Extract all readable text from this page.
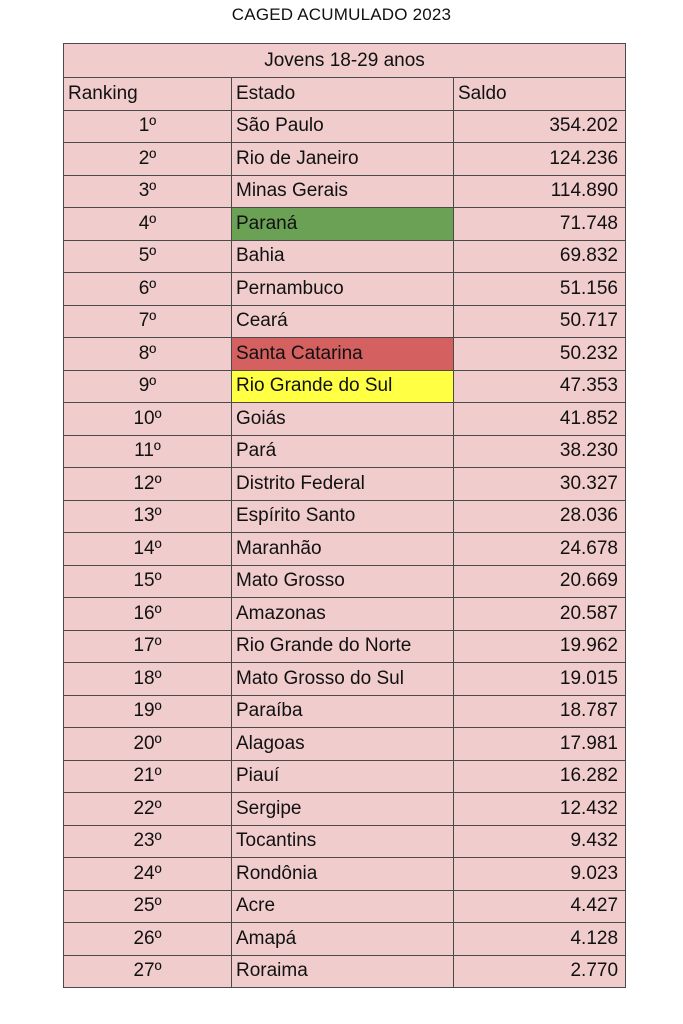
CAGED ACUMULADO 2023
Jovens 18-29 anos		
Ranking	Estado	Saldo
1º	São Paulo	354.202
2º	Rio de Janeiro	124.236
3º	Minas Gerais	114.890
4º	Paraná	71.748
5º	Bahia	69.832
6º	Pernambuco	51.156
7º	Ceará	50.717
8º	Santa Catarina	50.232
9º	Rio Grande do Sul	47.353
10º	Goiás	41.852
11º	Pará	38.230
12º	Distrito Federal	30.327
13º	Espírito Santo	28.036
14º	Maranhão	24.678
15º	Mato Grosso	20.669
16º	Amazonas	20.587
17º	Rio Grande do Norte	19.962
18º	Mato Grosso do Sul	19.015
19º	Paraíba	18.787
20º	Alagoas	17.981
21º	Piauí	16.282
22º	Sergipe	12.432
23º	Tocantins	9.432
24º	Rondônia	9.023
25º	Acre	4.427
26º	Amapá	4.128
27º	Roraima	2.770
